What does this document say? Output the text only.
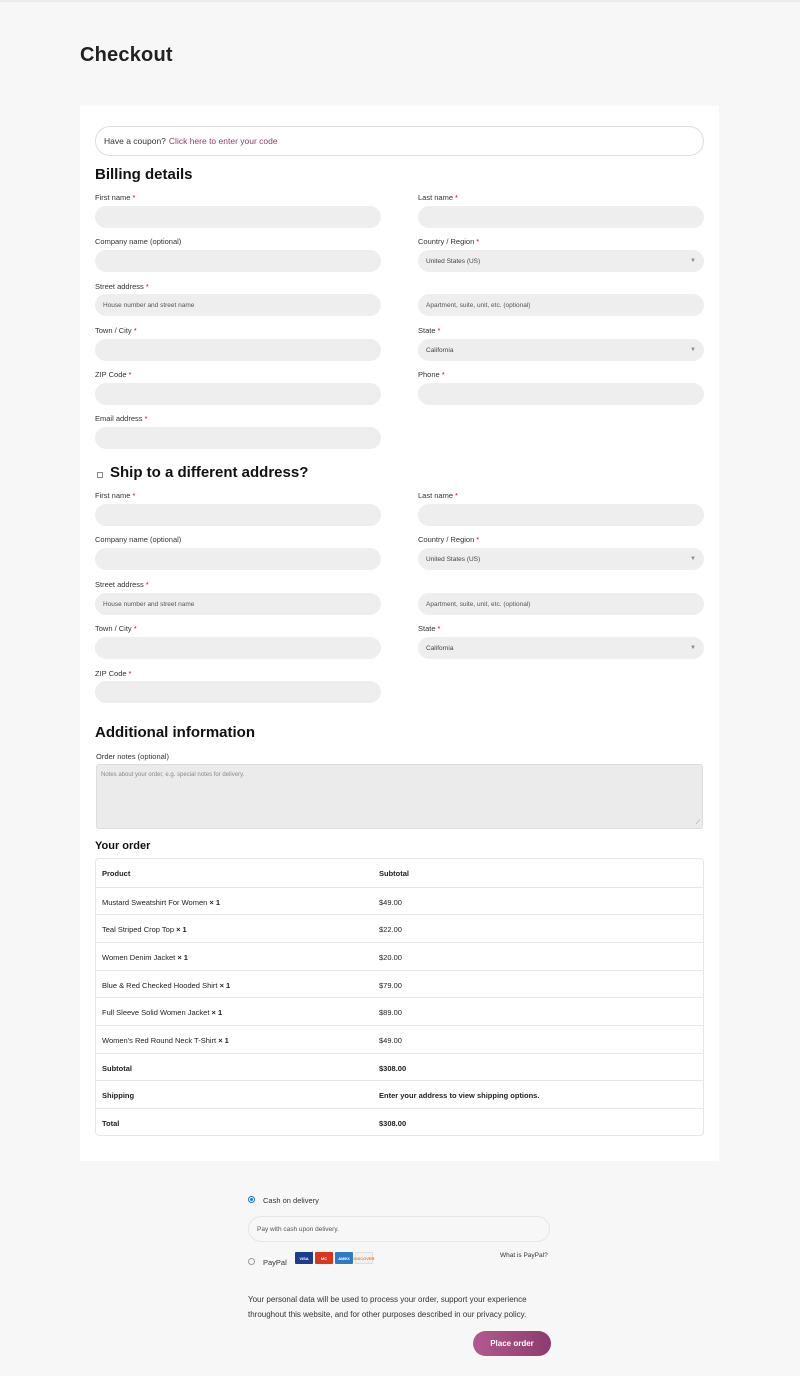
Checkout
Have a coupon? Click here to enter your code
Billing details
First name *	Last name *
Company name (optional)	Country / Region *
United States (US)	▼
Street address *
House number and street name	Apartment, suite, unit, etc. (optional)
Town / City *	State *
California	▼
ZIP Code *	Phone *
Email address *
Ship to a different address?
First name *	Last name *
Company name (optional)	Country / Region *
United States (US)	▼
Street address *
House number and street name	Apartment, suite, unit, etc. (optional)
Town / City *	State *
California	▼
ZIP Code *
Additional information
Order notes (optional)
Notes about your order, e.g. special notes for delivery.
⟋
Your order
Product	Subtotal
Mustard Sweatshirt For Women × 1	$49.00
Teal Striped Crop Top × 1	$22.00
Women Denim Jacket × 1	$20.00
Blue & Red Checked Hooded Shirt × 1	$79.00
Full Sleeve Solid Women Jacket × 1	$89.00
Women's Red Round Neck T-Shirt × 1	$49.00
Subtotal	$308.00
Shipping	Enter your address to view shipping options.
Total	$308.00
Cash on delivery
Pay with cash upon delivery.
PayPal	VISA	MC	AMEX DISCOVER	What is PayPal?
Your personal data will be used to process your order, support your experience throughout this website, and for other purposes described in our privacy policy.
Place order
